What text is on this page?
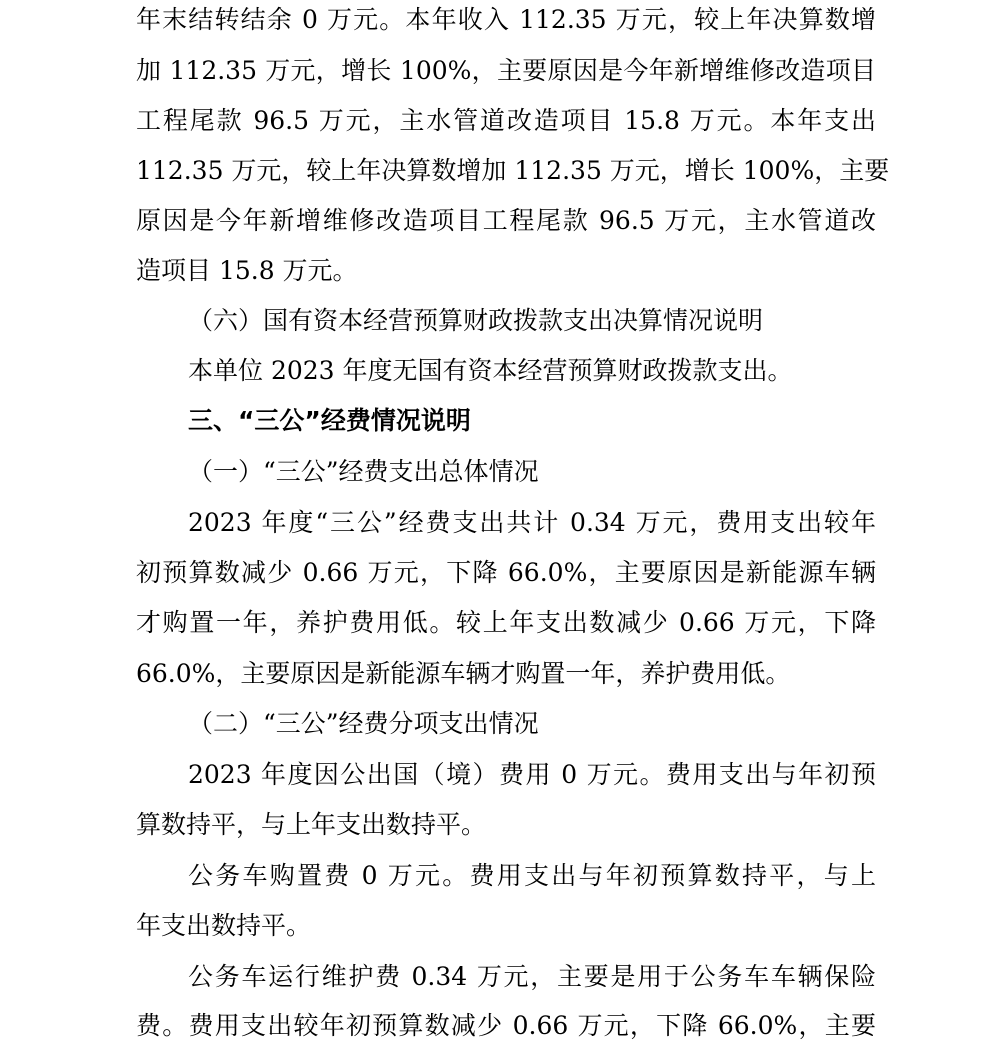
年末结转结余 0 万元。本年收入 112.35 万元，较上年决算数增
加 112.35 万元，增长 100%，主要原因是今年新增维修改造项目
工程尾款 96.5 万元，主水管道改造项目 15.8 万元。本年支出
112.35 万元，较上年决算数增加 112.35 万元，增长 100%，主要
原因是今年新增维修改造项目工程尾款 96.5 万元，主水管道改
造项目 15.8 万元。
（六）国有资本经营预算财政拨款支出决算情况说明
本单位 2023 年度无国有资本经营预算财政拨款支出。
三、“三公”经费情况说明
（一）“三公”经费支出总体情况
2023 年度“三公”经费支出共计 0.34 万元，费用支出较年
初预算数减少 0.66 万元，下降 66.0%，主要原因是新能源车辆
才购置一年，养护费用低。较上年支出数减少 0.66 万元，下降
66.0%，主要原因是新能源车辆才购置一年，养护费用低。
（二）“三公”经费分项支出情况
2023 年度因公出国（境）费用 0 万元。费用支出与年初预
算数持平，与上年支出数持平。
公务车购置费 0 万元。费用支出与年初预算数持平，与上
年支出数持平。
公务车运行维护费 0.34 万元，主要是用于公务车车辆保险
费。费用支出较年初预算数减少 0.66 万元，下降 66.0%，主要
